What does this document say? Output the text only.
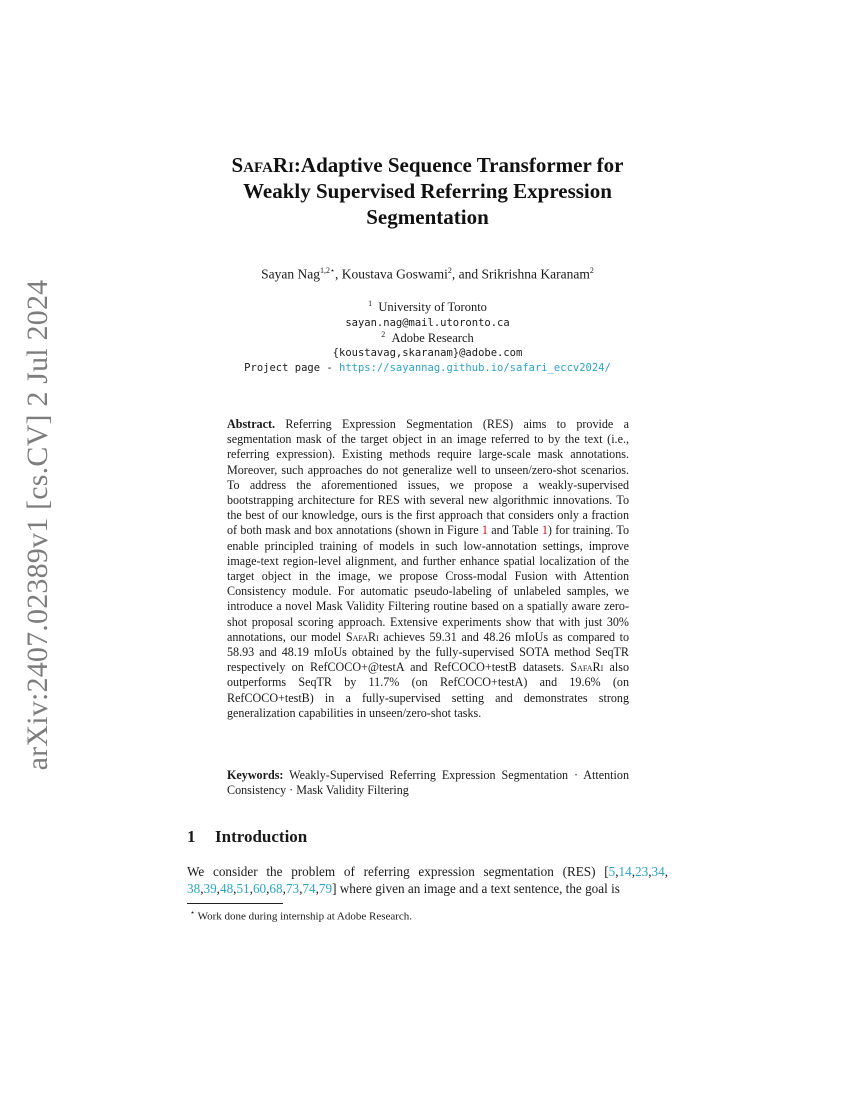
arXiv:2407.02389v1 [cs.CV] 2 Jul 2024
SafaRi:Adaptive Sequence Transformer for
Weakly Supervised Referring Expression
Segmentation
Sayan Nag$^{1,2⋆}$, Koustava Goswami$^2$, and Srikrishna Karanam$^2$
$^1$ University of Toronto
sayan.nag@mail.utoronto.ca
$^2$ Adobe Research
{koustavag,skaranam}@adobe.com
Project page - https://sayannag.github.io/safari_eccv2024/
Abstract. Referring Expression Segmentation (RES) aims to provide a segmentation mask of the target object in an image referred to by the text (i.e., referring expression). Existing methods require large-scale mask annotations. Moreover, such approaches do not generalize well to unseen/zero-shot scenarios. To address the aforementioned issues, we propose a weakly-supervised bootstrapping architecture for RES with several new algorithmic innovations. To the best of our knowledge, ours is the first approach that considers only a fraction of both mask and box annotations (shown in Figure 1 and Table 1) for training. To enable principled training of models in such low-annotation settings, improve image-text region-level alignment, and further enhance spatial localization of the target object in the image, we propose Cross-modal Fusion with Attention Consistency module. For automatic pseudo-labeling of unlabeled samples, we introduce a novel Mask Validity Filtering routine based on a spatially aware zero-shot proposal scoring approach. Extensive experiments show that with just 30% annotations, our model SafaRi achieves 59.31 and 48.26 mIoUs as compared to 58.93 and 48.19 mIoUs obtained by the fully-supervised SOTA method SeqTR respectively on RefCOCO+@testA and RefCOCO+testB datasets. SafaRi also outperforms SeqTR by 11.7% (on RefCOCO+testA) and 19.6% (on RefCOCO+testB) in a fully-supervised setting and demonstrates strong generalization capabilities in unseen/zero-shot tasks.
Keywords: Weakly-Supervised Referring Expression Segmentation · Attention Consistency · Mask Validity Filtering
1 Introduction
We consider the problem of referring expression segmentation (RES) [5,14,23,34, 38,39,48,51,60,68,73,74,79] where given an image and a text sentence, the goal is
⋆ Work done during internship at Adobe Research.
